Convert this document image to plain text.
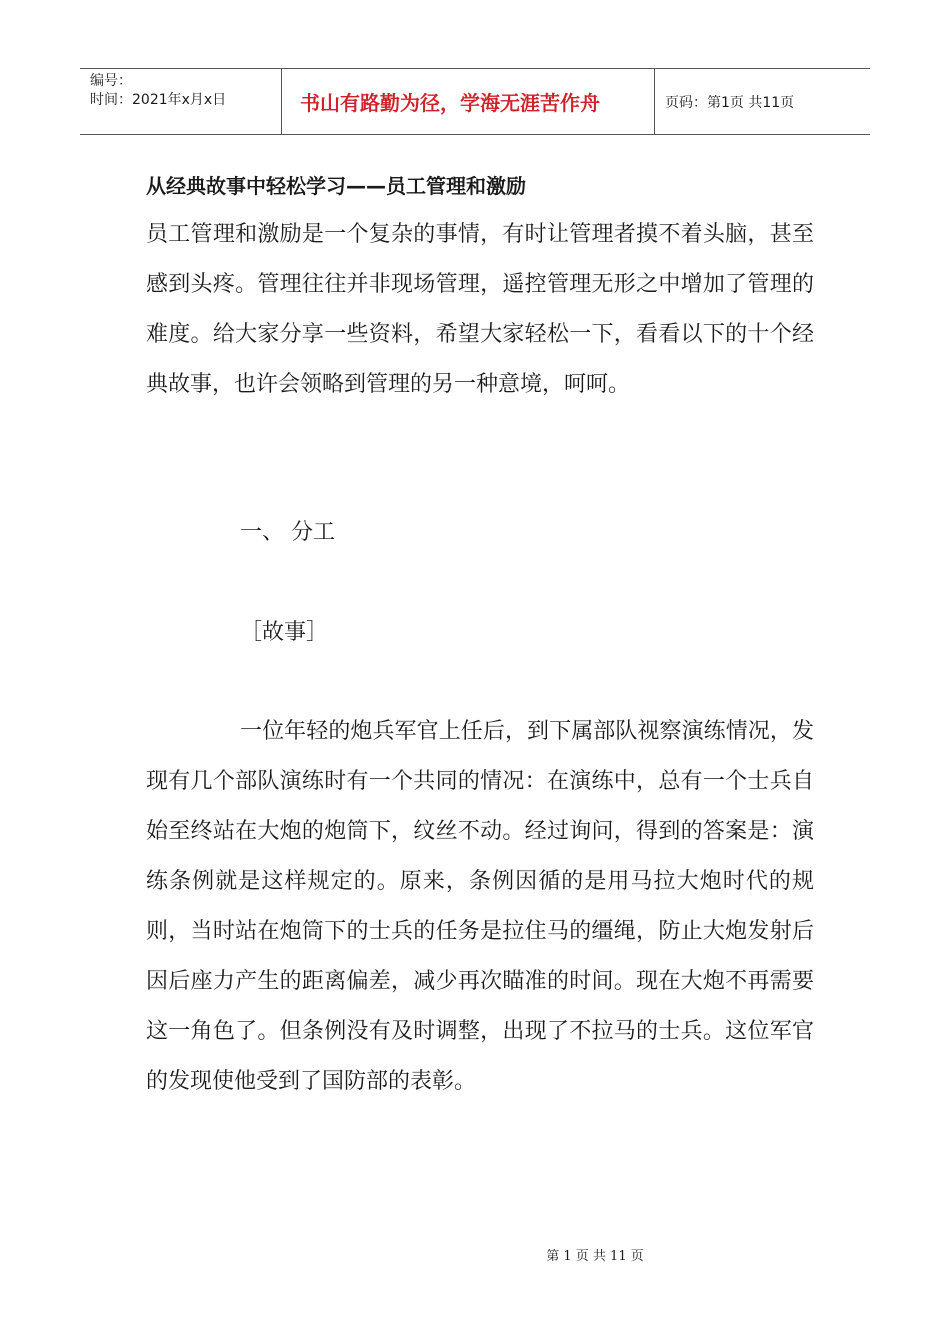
编号：
时间：2021年x月x日	书山有路勤为径，学海无涯苦作舟	页码：第1页 共11页
从经典故事中轻松学习——员工管理和激励

员工管理和激励是一个复杂的事情，有时让管理者摸不着头脑，甚至感到头疼。管理往往并非现场管理，遥控管理无形之中增加了管理的难度。给大家分享一些资料，希望大家轻松一下，看看以下的十个经典故事，也许会领略到管理的另一种意境，呵呵。

一、 分工

［故事］

一位年轻的炮兵军官上任后，到下属部队视察演练情况，发现有几个部队演练时有一个共同的情况：在演练中，总有一个士兵自始至终站在大炮的炮筒下，纹丝不动。经过询问，得到的答案是：演练条例就是这样规定的。原来，条例因循的是用马拉大炮时代的规则，当时站在炮筒下的士兵的任务是拉住马的缰绳，防止大炮发射后因后座力产生的距离偏差，减少再次瞄准的时间。现在大炮不再需要这一角色了。但条例没有及时调整，出现了不拉马的士兵。这位军官的发现使他受到了国防部的表彰。

第 1 页 共 11 页
